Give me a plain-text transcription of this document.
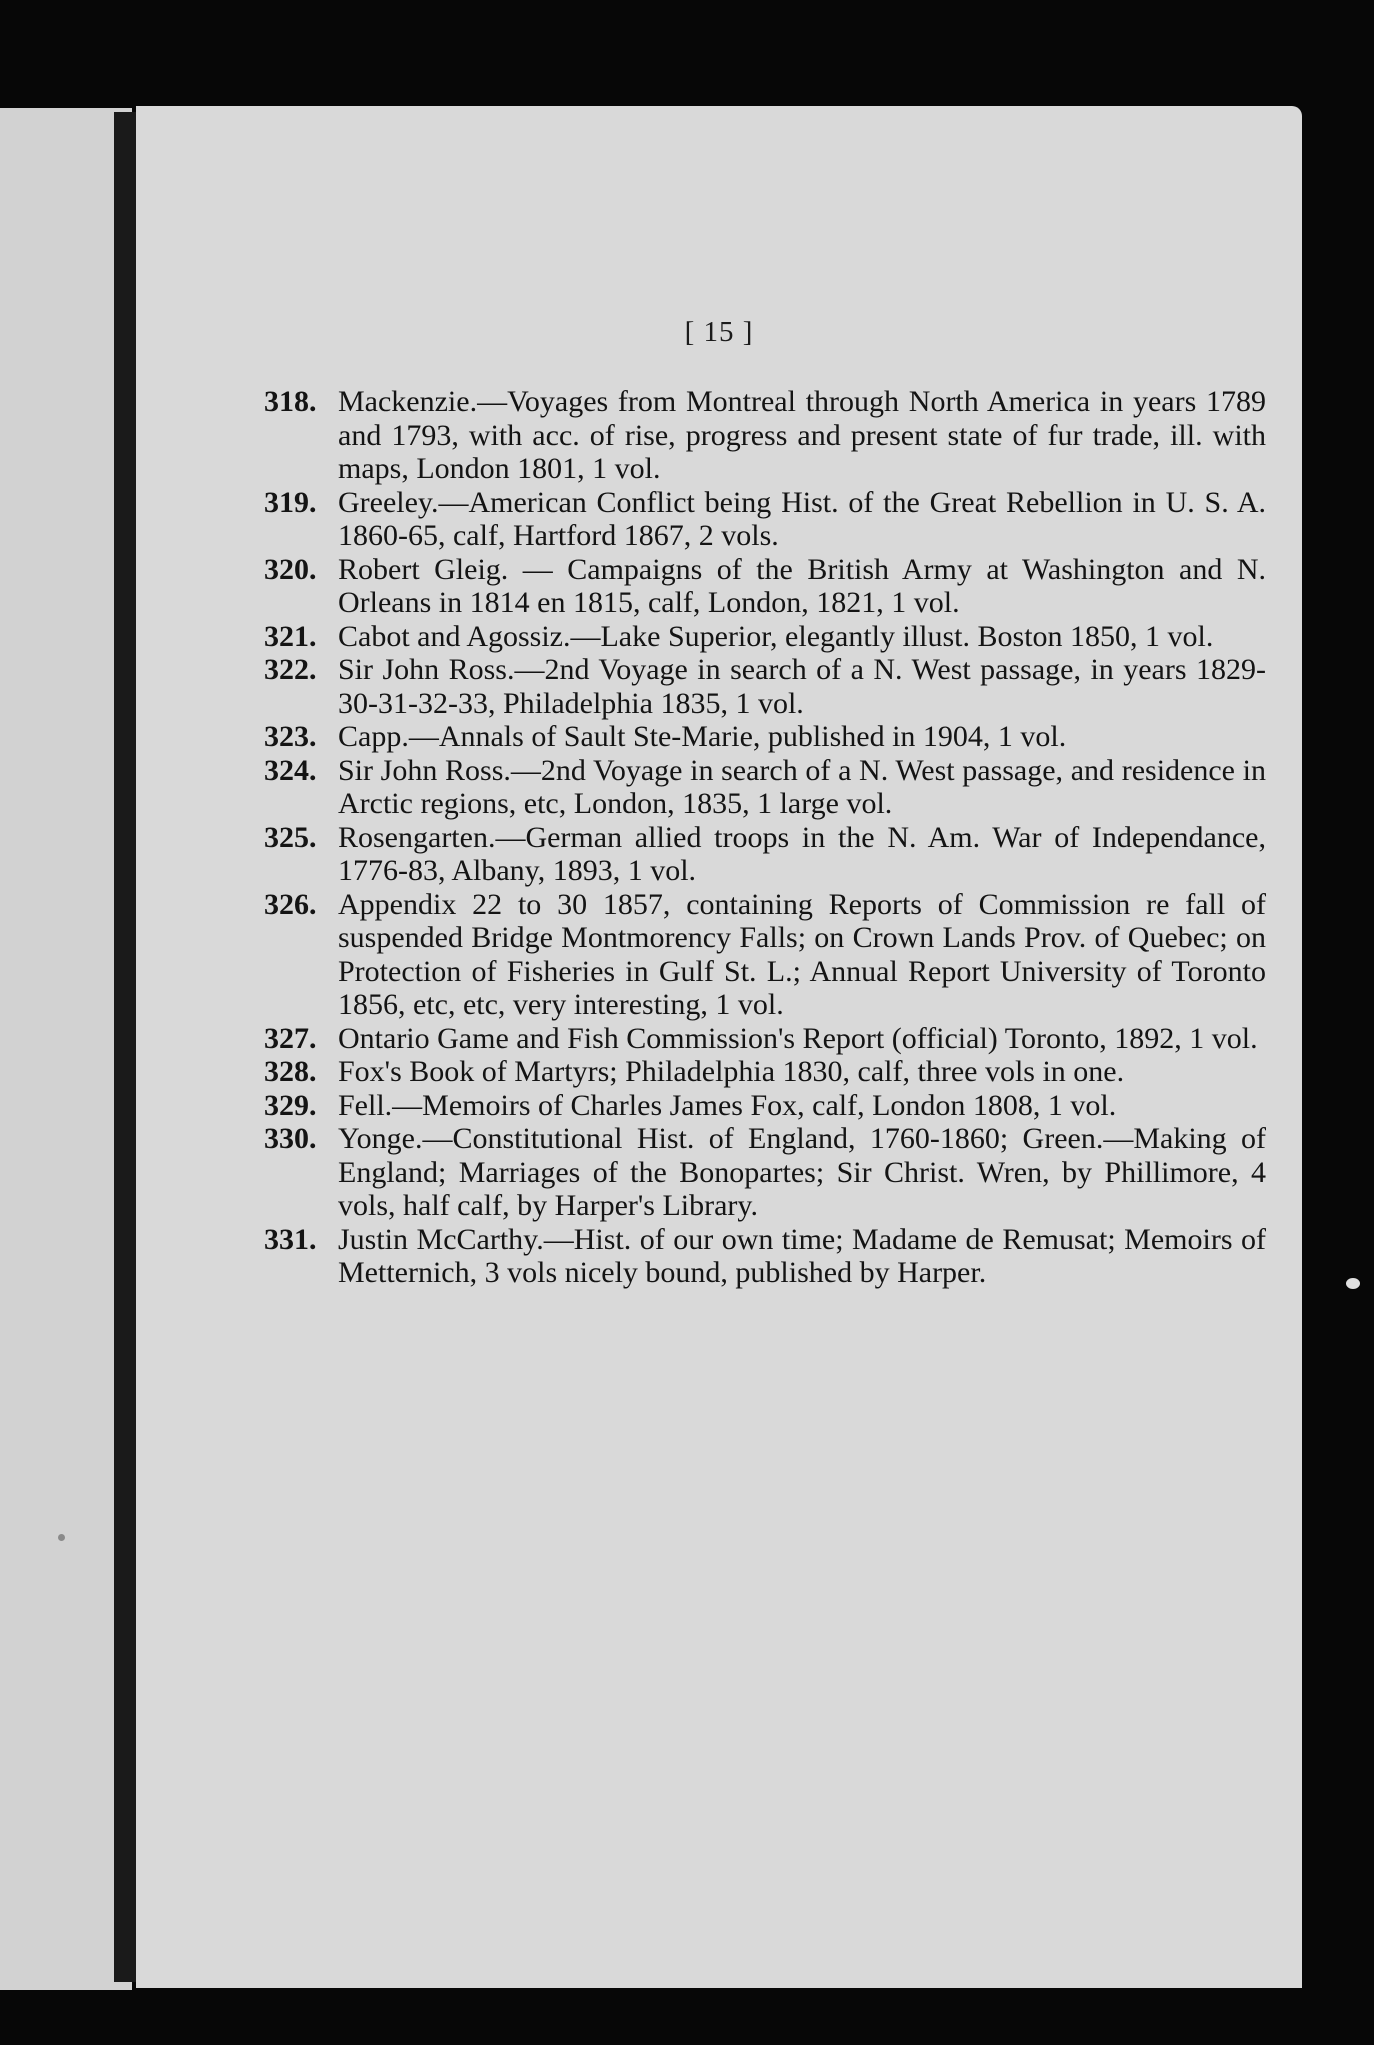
[ 15 ]
318. Mackenzie.—Voyages from Montreal through North America in years 1789 and 1793, with acc. of rise, progress and present state of fur trade, ill. with maps, London 1801, 1 vol.
319. Greeley.—American Conflict being Hist. of the Great Rebellion in U. S. A. 1860-65, calf, Hartford 1867, 2 vols.
320. Robert Gleig. — Campaigns of the British Army at Washington and N. Orleans in 1814 en 1815, calf, London, 1821, 1 vol.
321. Cabot and Agossiz.—Lake Superior, elegantly illust. Boston 1850, 1 vol.
322. Sir John Ross.—2nd Voyage in search of a N. West passage, in years 1829-30-31-32-33, Philadelphia 1835, 1 vol.
323. Capp.—Annals of Sault Ste-Marie, published in 1904, 1 vol.
324. Sir John Ross.—2nd Voyage in search of a N. West passage, and residence in Arctic regions, etc, London, 1835, 1 large vol.
325. Rosengarten.—German allied troops in the N. Am. War of Independance, 1776-83, Albany, 1893, 1 vol.
326. Appendix 22 to 30 1857, containing Reports of Commission re fall of suspended Bridge Montmorency Falls; on Crown Lands Prov. of Quebec; on Protection of Fisheries in Gulf St. L.; Annual Report University of Toronto 1856, etc, etc, very interesting, 1 vol.
327. Ontario Game and Fish Commission's Report (official) Toronto, 1892, 1 vol.
328. Fox's Book of Martyrs; Philadelphia 1830, calf, three vols in one.
329. Fell.—Memoirs of Charles James Fox, calf, London 1808, 1 vol.
330. Yonge.—Constitutional Hist. of England, 1760-1860; Green.—Making of England; Marriages of the Bonopartes; Sir Christ. Wren, by Phillimore, 4 vols, half calf, by Harper's Library.
331. Justin McCarthy.—Hist. of our own time; Madame de Remusat; Memoirs of Metternich, 3 vols nicely bound, published by Harper.
